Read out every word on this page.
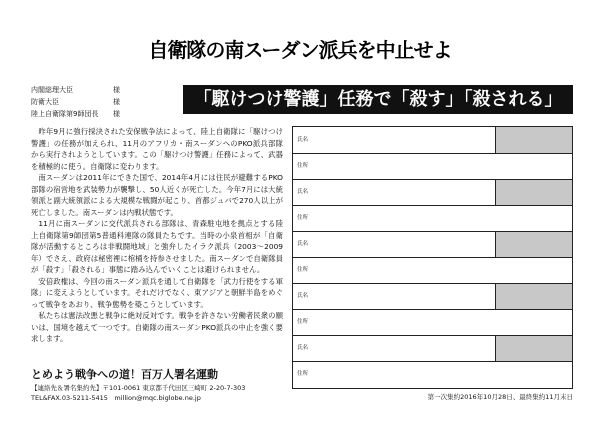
自衛隊の南スーダン派兵を中止せよ
内閣総理大臣	様
防衛大臣	様
陸上自衛隊第9師団長 様
「駆けつけ警護」任務で「殺す」「殺される」

昨年9月に強行採決された安保戦争法によって、陸上自衛隊に「駆けつけ警護」の任務が加えられ、11月のアフリカ・南スーダンへのPKO派兵部隊から実行されようとしています。この「駆けつけ警護」任務によって、武器を積極的に使う。自衛隊に変わります。

南スーダンは2011年にできた国で、2014年4月には住民が避難するPKO部隊の宿営地を武装勢力が襲撃し、50人近くが死亡した。今年7月には大統領派と副大統領派による大規模な戦闘が起こり、首都ジュバで270人以上が死亡しました。南スーダンは内戦状態です。

11月に南スーダンに交代派兵される部隊は、青森駐屯地を拠点とする陸上自衛隊第9師団第5普通科連隊の隊員たちです。当時の小泉首相が「自衛隊が活動するところは非戦闘地域」と強弁したイラク派兵（2003～2009年）でさえ、政府は秘密裡に棺桶を持参させました。南スーダンで自衛隊員が「殺す」「殺される」事態に踏み込んでいくことは避けられません。

安倍政権は、今回の南スーダン派兵を通して自衛隊を「武力行使をする軍隊」に変えようとしています。それだけでなく、東アジアと朝鮮半島をめぐって戦争をあおり、戦争態勢を築こうとしています。

私たちは憲法改悪と戦争に絶対反対です。戦争を許さない労働者民衆の願いは、国境を越えて一つです。自衛隊の南スーダンPKO派兵の中止を強く要求します。

氏名
住所
氏名
住所
氏名
住所
氏名
住所
氏名
住所
とめよう戦争への道！百万人署名運動
【連絡先＆署名集約先】〒101-0061 東京都千代田区三崎町 2-20-7-303
TEL&FAX.03-5211-5415　million@mqc.biglobe.ne.jp	第一次集約2016年10月28日、最終集約11月末日
